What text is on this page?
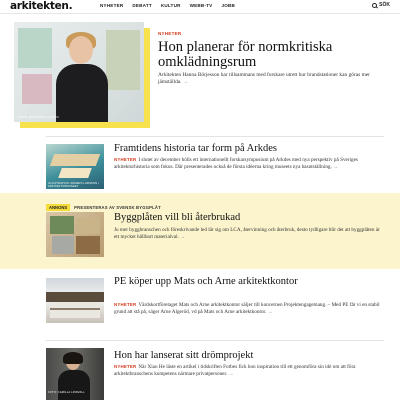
arkitekten.	NYHETER DEBATT KULTUR WEBB-TV JOBB	SÖK
FOTO: BEATRICE LAURIN
NYHETER
Hon planerar för normkritiska omklädningsrum
Arkitekten Hanna Börjesson har tillsammans med forskare utrett hur brandstationer kan göras mer jämställda. →
ILLUSTRATION: ANDERS LARSSON / ARKITEKTURMUSEET
Framtidens historia tar form på Arkdes
NYHETER I slutet av december hölls ett internationellt forskarsymposium på Arkdes med nya perspektiv på Sveriges arkitekturhistoria som fokus. Där presenterades också de första idéerna kring museets nya basutställning. →
ANNONS	PRESENTERAS AV SVENSK BYGGPLÅT
Byggplåten vill bli återbrukad
Ju mer byggbranschen och föreskrivande led lär sig om LCA, återvinning och återbruk, desto tydligare blir det att byggplåten är ett mycket hållbart materialval. →
PE köper upp Mats och Arne arkitektkontor
NYHETER Värdskortföretaget Mats och Arne arkitektkontor säljer till koncernen Projektengagemang. – Med PE får vi en stabil grund att stå på, säger Arne Algeröd, vd på Mats och Arne arkitektkontor. →
FOTO: CAMILLA LINDVALL
Hon har lanserat sitt drömprojekt
NYHETER När Xiao He läste en artikel i tidskriften Forbes fick hon inspiration till ett genomföra sin idé om att föra arkitektbranschens kompetens närmare privatpersoner. →
